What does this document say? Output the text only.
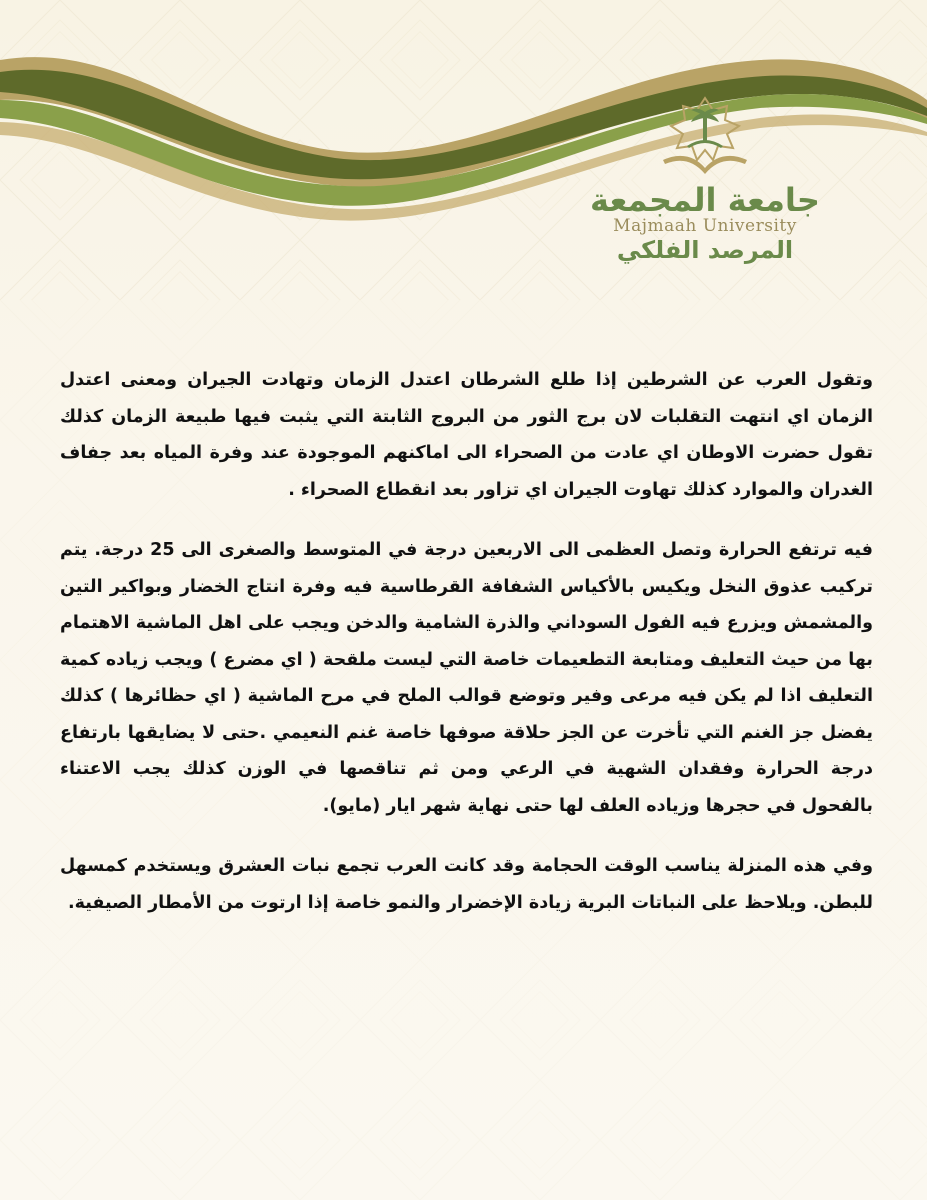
جامعة المجمعة
Majmaah University
المرصد الفلكي

وتقول العرب عن الشرطين إذا طلع الشرطان اعتدل الزمان وتهادت الجيران ومعنى اعتدل الزمان اي انتهت التقلبات لان برج الثور من البروج الثابتة التي يثبت فيها طبيعة الزمان كذلك تقول حضرت الاوطان اي عادت من الصحراء الى اماكنهم الموجودة عند وفرة المياه بعد جفاف الغدران والموارد كذلك تهاوت الجيران اي تزاور بعد انقطاع الصحراء .

فيه ترتفع الحرارة وتصل العظمى الى الاربعين درجة في المتوسط والصغرى الى 25 درجة. يتم تركيب عذوق النخل ويكيس بالأكياس الشفافة القرطاسية فيه وفرة انتاج الخضار وبواكير التين والمشمش ويزرع فيه الفول السوداني والذرة الشامية والدخن ويجب على اهل الماشية الاهتمام بها من حيث التعليف ومتابعة التطعيمات خاصة التي ليست ملقحة ( اي مضرع ) ويجب زياده كمية التعليف اذا لم يكن فيه مرعى وفير وتوضع قوالب الملح في مرح الماشية ( اي حظائرها ) كذلك يفضل جز الغنم التي تأخرت عن الجز حلاقة صوفها خاصة غنم النعيمي .حتى لا يضايقها بارتفاع درجة الحرارة وفقدان الشهية في الرعي ومن ثم تناقصها في الوزن كذلك يجب الاعتناء بالفحول في حجرها وزياده العلف لها حتى نهاية شهر ايار (مايو).

وفي هذه المنزلة يناسب الوقت الحجامة وقد كانت العرب تجمع نبات العشرق ويستخدم كمسهل للبطن. ويلاحظ على النباتات البرية زيادة الإخضرار والنمو خاصة إذا ارتوت من الأمطار الصيفية.
